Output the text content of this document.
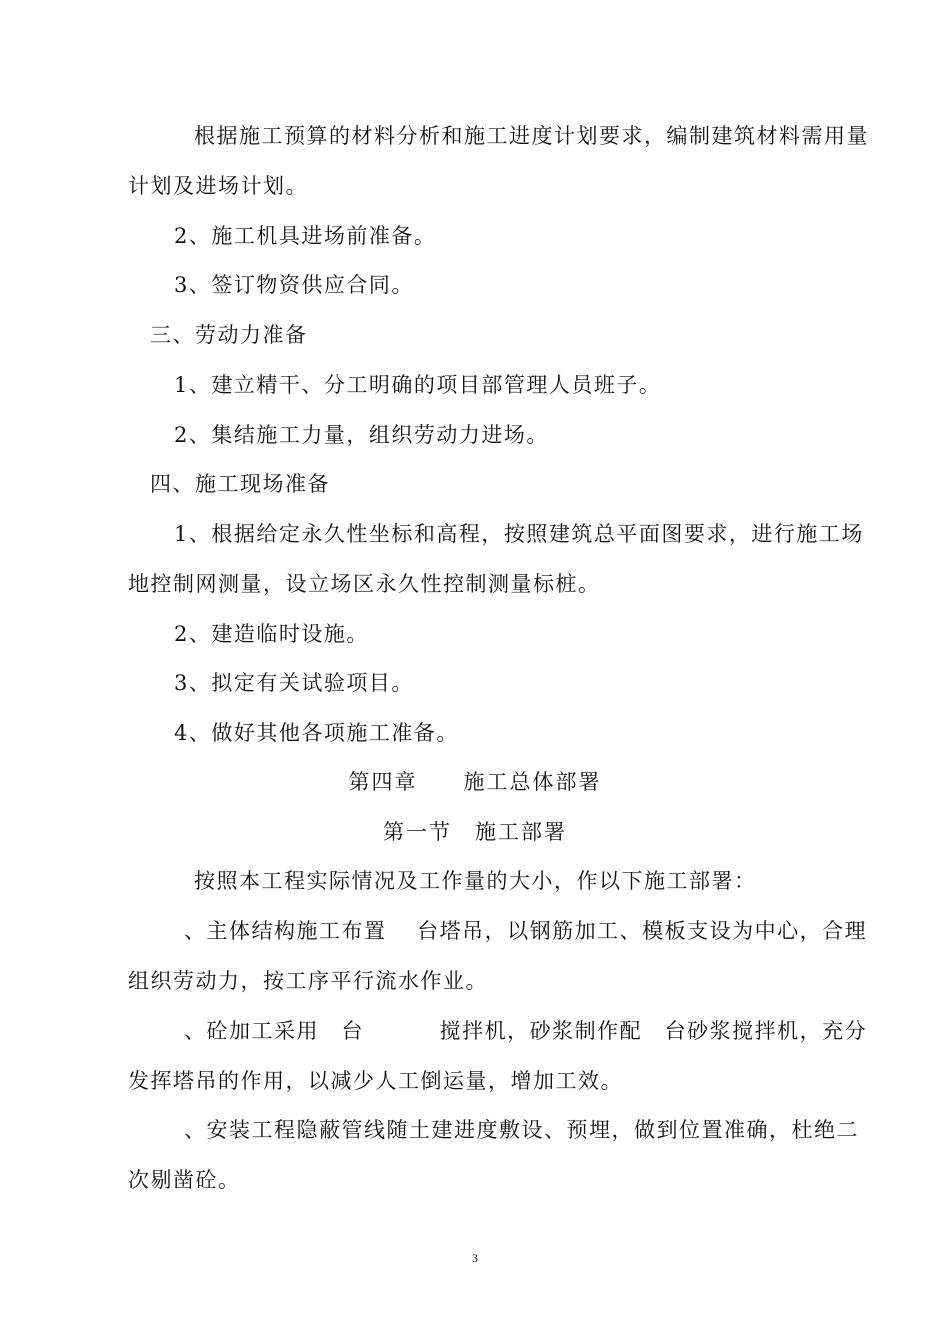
根据施工预算的材料分析和施工进度计划要求，编制建筑材料需用量
计划及进场计划。
2、施工机具进场前准备。
3、签订物资供应合同。
三、劳动力准备
1、建立精干、分工明确的项目部管理人员班子。
2、集结施工力量，组织劳动力进场。
四、施工现场准备
1、根据给定永久性坐标和高程，按照建筑总平面图要求，进行施工场
地控制网测量，设立场区永久性控制测量标桩。
2、建造临时设施。
3、拟定有关试验项目。
4、做好其他各项施工准备。
第四章　　施工总体部署
第一节　施工部署
按照本工程实际情况及工作量的大小，作以下施工部署：
、主体结构施工布置　 台塔吊，以钢筋加工、模板支设为中心，合理
组织劳动力，按工序平行流水作业。
、砼加工采用　台　　　 搅拌机，砂浆制作配　台砂浆搅拌机，充分
发挥塔吊的作用，以减少人工倒运量，增加工效。
、安装工程隐蔽管线随土建进度敷设、预埋，做到位置准确，杜绝二
次剔凿砼。
3
